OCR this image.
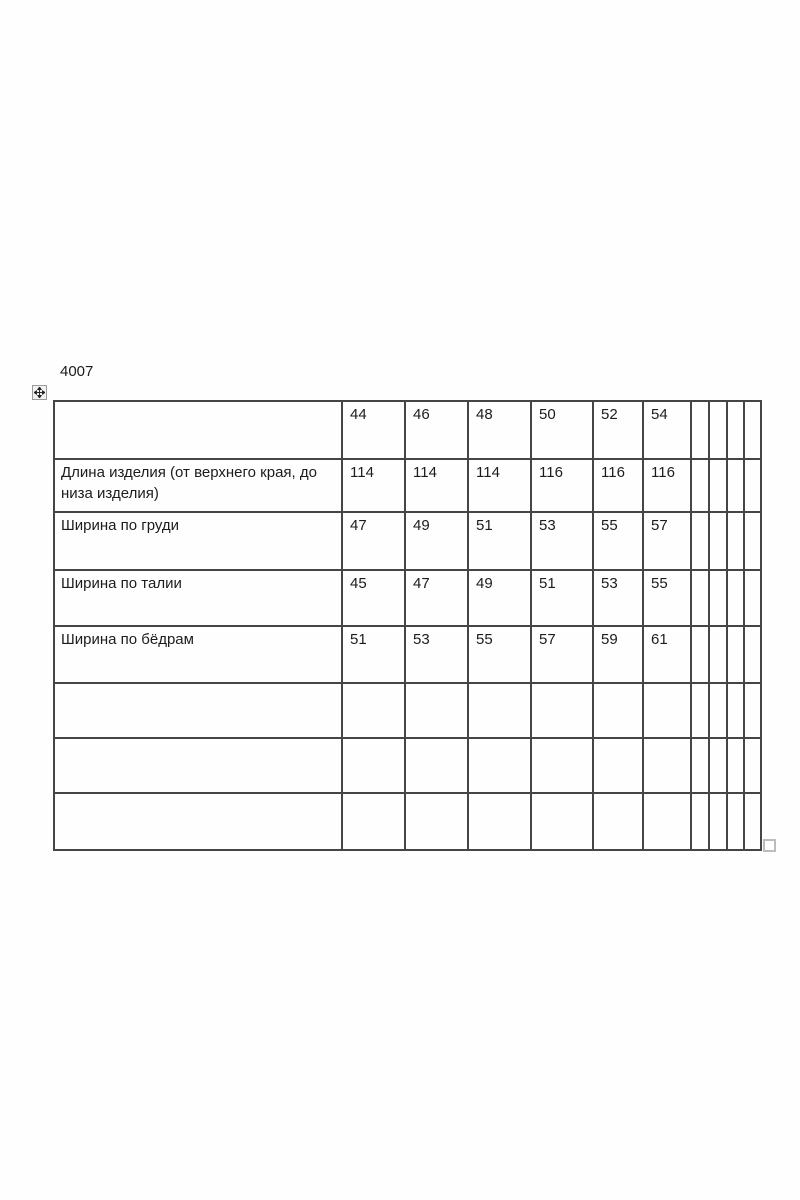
4007
	44	46	48	50	52	54				
Длина изделия (от верхнего края, до низа изделия)	114	114	114	116	116	116				
Ширина по груди	47	49	51	53	55	57				
Ширина по талии	45	47	49	51	53	55				
Ширина по бёдрам	51	53	55	57	59	61				
